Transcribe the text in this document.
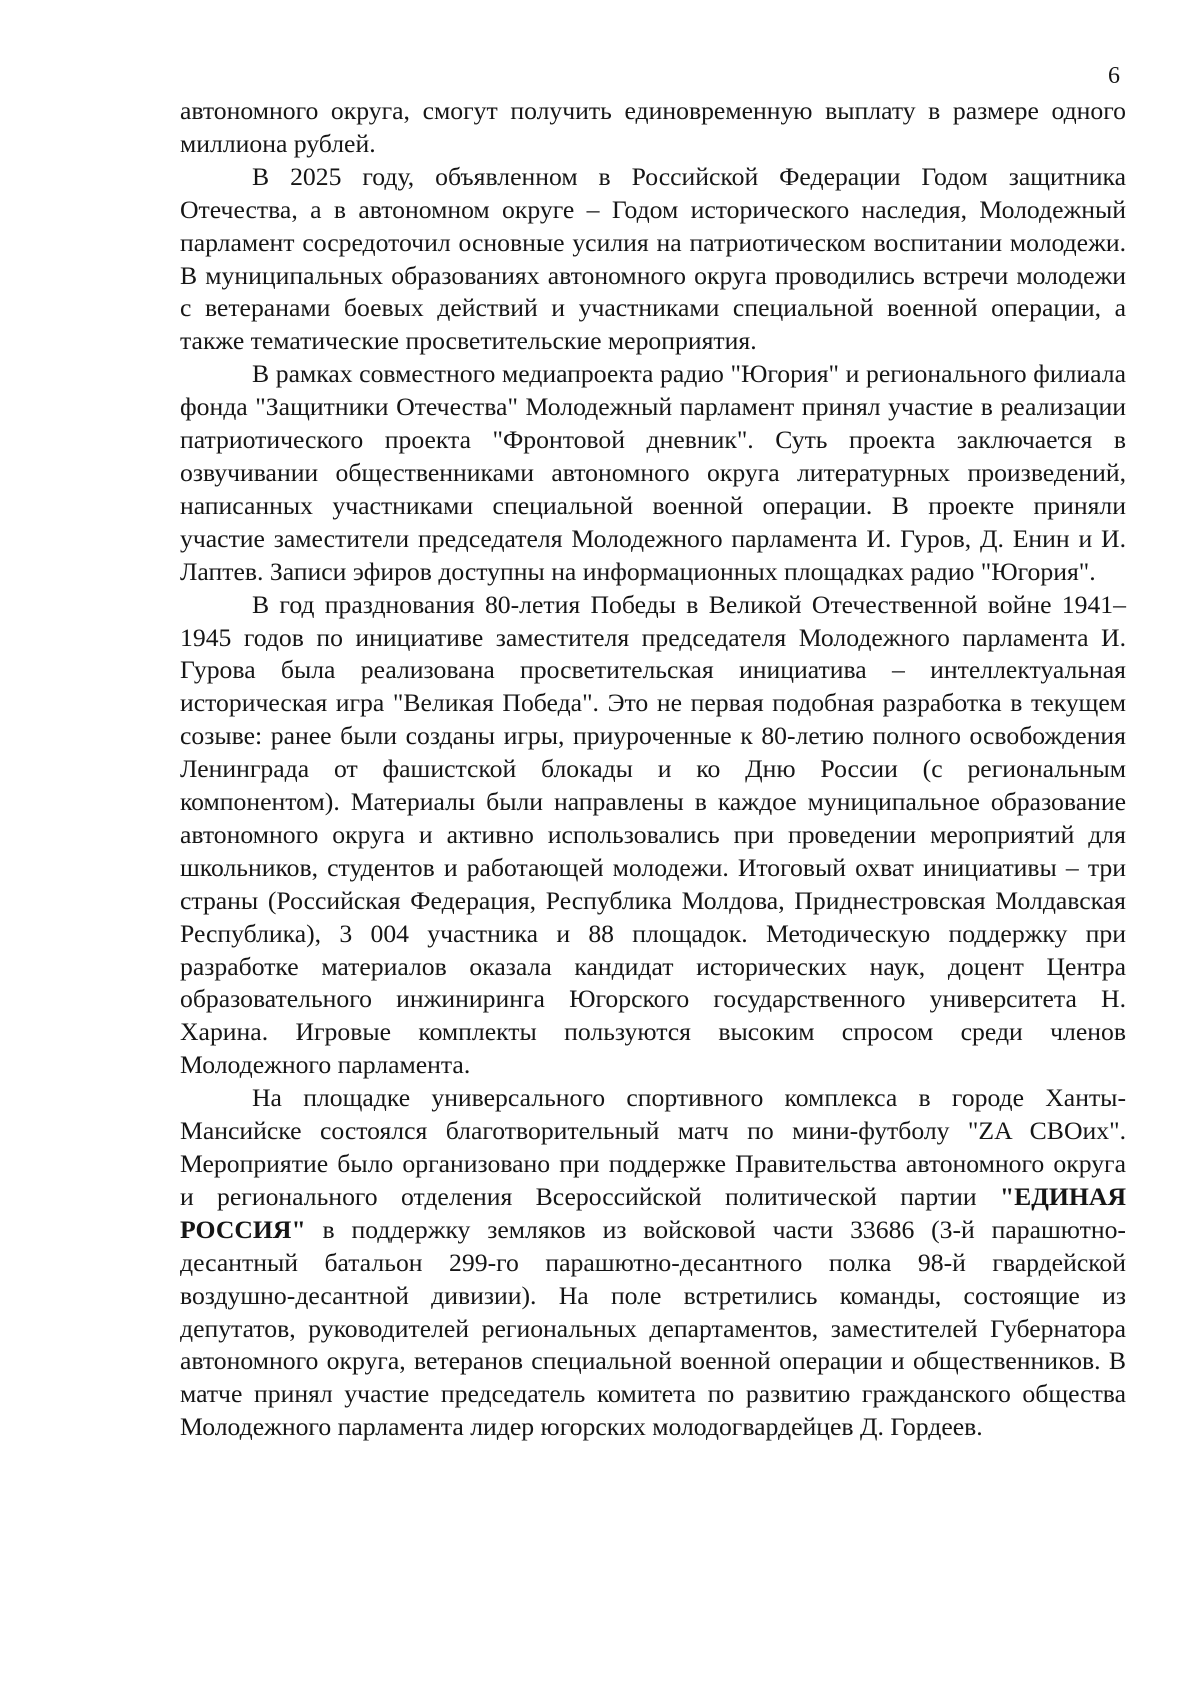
6

автономного округа, смогут получить единовременную выплату в размере одного миллиона рублей.

В 2025 году, объявленном в Российской Федерации Годом защитника Отечества, а в автономном округе – Годом исторического наследия, Молодежный парламент сосредоточил основные усилия на патриотическом воспитании молодежи. В муниципальных образованиях автономного округа проводились встречи молодежи с ветеранами боевых действий и участниками специальной военной операции, а также тематические просветительские мероприятия.

В рамках совместного медиапроекта радио "Югория" и регионального филиала фонда "Защитники Отечества" Молодежный парламент принял участие в реализации патриотического проекта "Фронтовой дневник". Суть проекта заключается в озвучивании общественниками автономного округа литературных произведений, написанных участниками специальной военной операции. В проекте приняли участие заместители председателя Молодежного парламента И. Гуров, Д. Енин и И. Лаптев. Записи эфиров доступны на информационных площадках радио "Югория".

В год празднования 80-летия Победы в Великой Отечественной войне 1941–1945 годов по инициативе заместителя председателя Молодежного парламента И. Гурова была реализована просветительская инициатива – интеллектуальная историческая игра "Великая Победа". Это не первая подобная разработка в текущем созыве: ранее были созданы игры, приуроченные к 80-летию полного освобождения Ленинграда от фашистской блокады и ко Дню России (с региональным компонентом). Материалы были направлены в каждое муниципальное образование автономного округа и активно использовались при проведении мероприятий для школьников, студентов и работающей молодежи. Итоговый охват инициативы – три страны (Российская Федерация, Республика Молдова, Приднестровская Молдавская Республика), 3 004 участника и 88 площадок. Методическую поддержку при разработке материалов оказала кандидат исторических наук, доцент Центра образовательного инжиниринга Югорского государственного университета Н. Харина. Игровые комплекты пользуются высоким спросом среди членов Молодежного парламента.

На площадке универсального спортивного комплекса в городе Ханты-Мансийске состоялся благотворительный матч по мини-футболу "ZA СВОих". Мероприятие было организовано при поддержке Правительства автономного округа и регионального отделения Всероссийской политической партии "ЕДИНАЯ РОССИЯ" в поддержку земляков из войсковой части 33686 (3-й парашютно-десантный батальон 299-го парашютно-десантного полка 98-й гвардейской воздушно-десантной дивизии). На поле встретились команды, состоящие из депутатов, руководителей региональных департаментов, заместителей Губернатора автономного округа, ветеранов специальной военной операции и общественников. В матче принял участие председатель комитета по развитию гражданского общества Молодежного парламента лидер югорских молодогвардейцев Д. Гордеев.
